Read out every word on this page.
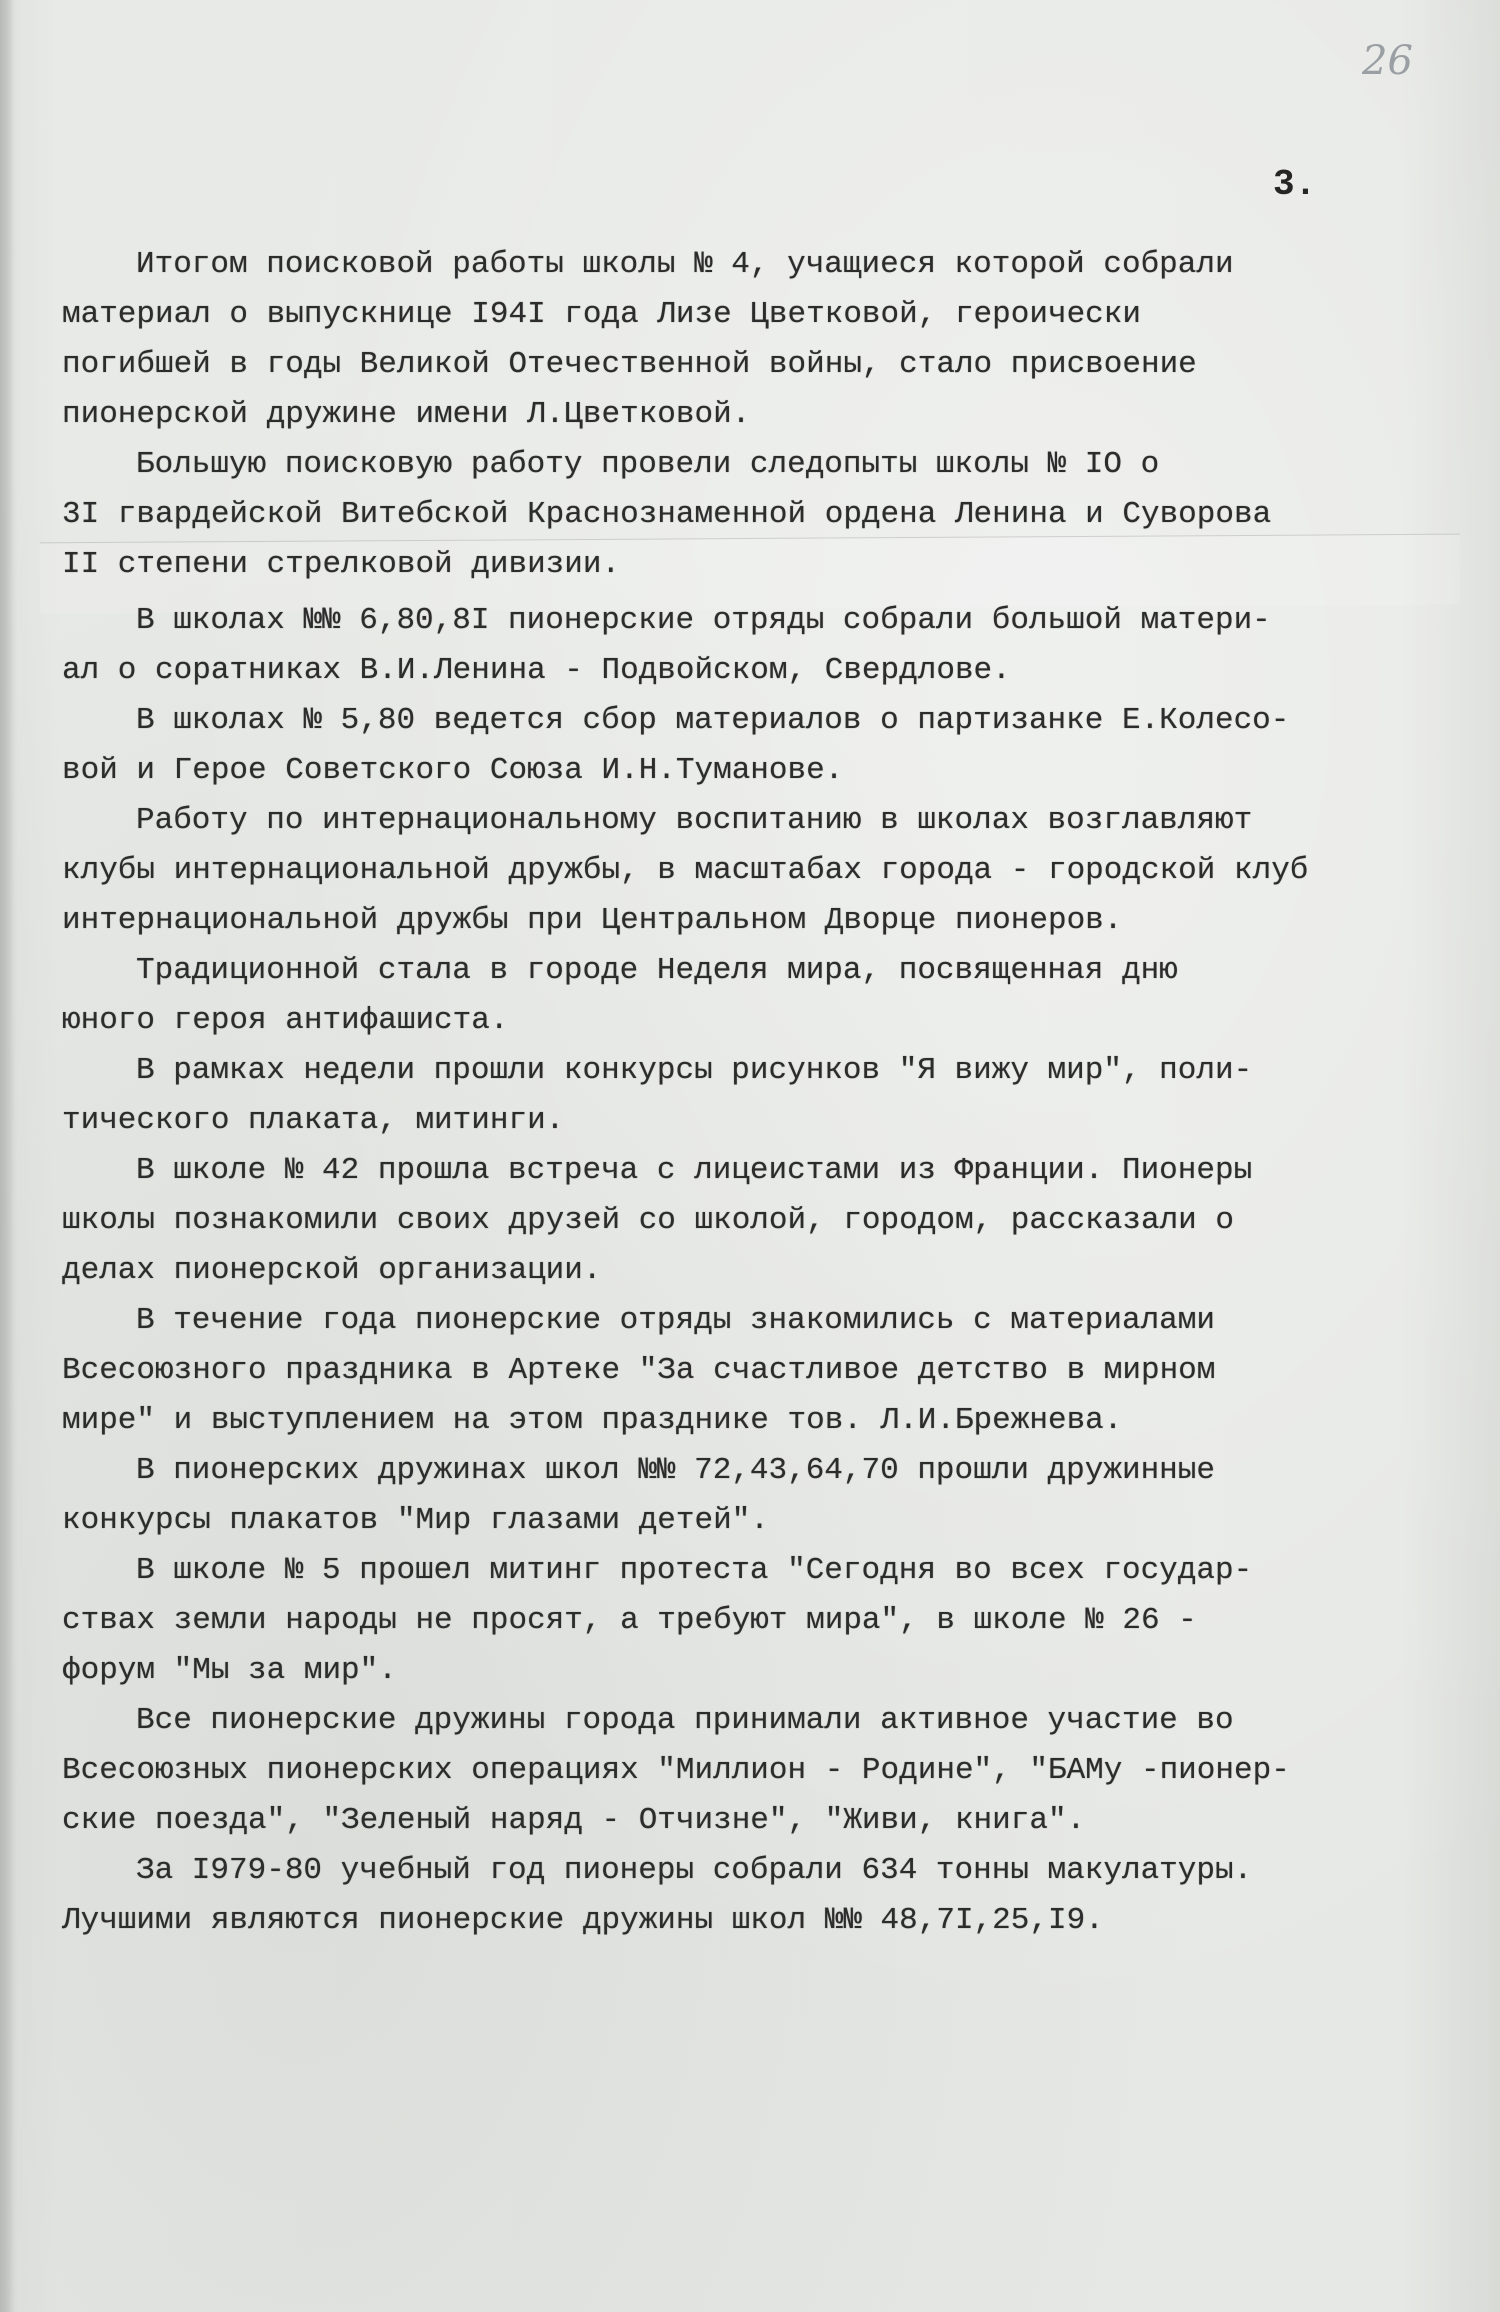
26
3.
Итогом поисковой работы школы № 4, учащиеся которой собрали
материал о выпускнице I94I года Лизе Цветковой, героически
погибшей в годы Великой Отечественной войны, стало присвоение
пионерской дружине имени Л.Цветковой.
Большую поисковую работу провели следопыты школы № IO о
3I гвардейской Витебской Краснознаменной ордена Ленина и Суворова
II степени стрелковой дивизии.
В школах №№ 6,80,8I пионерские отряды собрали большой матери-
ал о соратниках В.И.Ленина - Подвойском, Свердлове.
В школах № 5,80 ведется сбор материалов о партизанке Е.Колесо-
вой и Герое Советского Союза И.Н.Туманове.
Работу по интернациональному воспитанию в школах возглавляют
клубы интернациональной дружбы, в масштабах города - городской клуб
интернациональной дружбы при Центральном Дворце пионеров.
Традиционной стала в городе Неделя мира, посвященная дню
юного героя антифашиста.
В рамках недели прошли конкурсы рисунков "Я вижу мир", поли-
тического плаката, митинги.
В школе № 42 прошла встреча с лицеистами из Франции. Пионеры
школы познакомили своих друзей со школой, городом, рассказали о
делах пионерской организации.
В течение года пионерские отряды знакомились с материалами
Всесоюзного праздника в Артеке "За счастливое детство в мирном
мире" и выступлением на этом празднике тов. Л.И.Брежнева.
В пионерских дружинах школ №№ 72,43,64,70 прошли дружинные
конкурсы плакатов "Мир глазами детей".
В школе № 5 прошел митинг протеста "Сегодня во всех государ-
ствах земли народы не просят, а требуют мира", в школе № 26 -
форум "Мы за мир".
Все пионерские дружины города принимали активное участие во
Всесоюзных пионерских операциях "Миллион - Родине", "БАМу -пионер-
ские поезда", "Зеленый наряд - Отчизне", "Живи, книга".
За I979-80 учебный год пионеры собрали 634 тонны макулатуры.
Лучшими являются пионерские дружины школ №№ 48,7I,25,I9.
